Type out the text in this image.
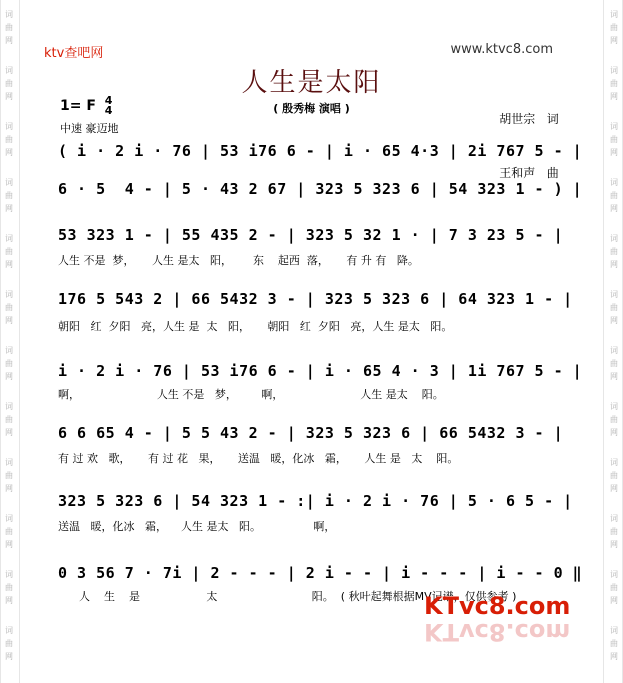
词曲网
词曲网
词曲网
词曲网
词曲网
词曲网
词曲网
词曲网
词曲网
词曲网
词曲网
词曲网
词曲网
词曲网
词曲网
词曲网
词曲网
词曲网
词曲网
词曲网
词曲网
词曲网
词曲网
词曲网
ktv查吧网	www.ktvc8.com
人生是太阳
( 殷秀梅 演唱 )

胡世宗 词

王和声 曲

1= F 4
4
中速 豪迈地
( i · 2 i · 76 | 53 i76 6 - | i · 65 4·3 | 2i 767 5 - |
6 · 5  4 - | 5 · 43 2 67 | 323 5 323 6 | 54 323 1 - ) |
53 323 1 - | 55 435 2 - | 323 5 32 1 · | 7 3 23 5 - |
人生 不是  梦，     人生 是太   阳，      东    起西  落，     有 升 有   降。
176 5 543 2 | 66 5432 3 - | 323 5 323 6 | 64 323 1 - |
朝阳   红  夕阳   亮，人生 是  太   阳，     朝阳   红  夕阳   亮，人生 是太   阳。
i · 2 i · 76 | 53 i76 6 - | i · 65 4 · 3 | 1i 767 5 - |
啊，                      人生 不是   梦，       啊，                      人生 是太    阳。
6 6 65 4 - | 5 5 43 2 - | 323 5 323 6 | 66 5432 3 - |
有 过 欢   歌，     有 过 花   果，     送温   暖，化冰   霜，     人生 是   太    阳。
323 5 323 6 | 54 323 1 - :| i · 2 i · 76 | 5 · 6 5 - |
送温   暖，化冰   霜，    人生 是太   阳。               啊，
0 3 56 7 · 7i | 2 - - - | 2 i - - | i - - - | i - - 0 ‖
人    生    是                   太                           阳。  ( 秋叶起舞根据MV记谱，仅供参考 )
KTvc8.com
KTvc8.com
